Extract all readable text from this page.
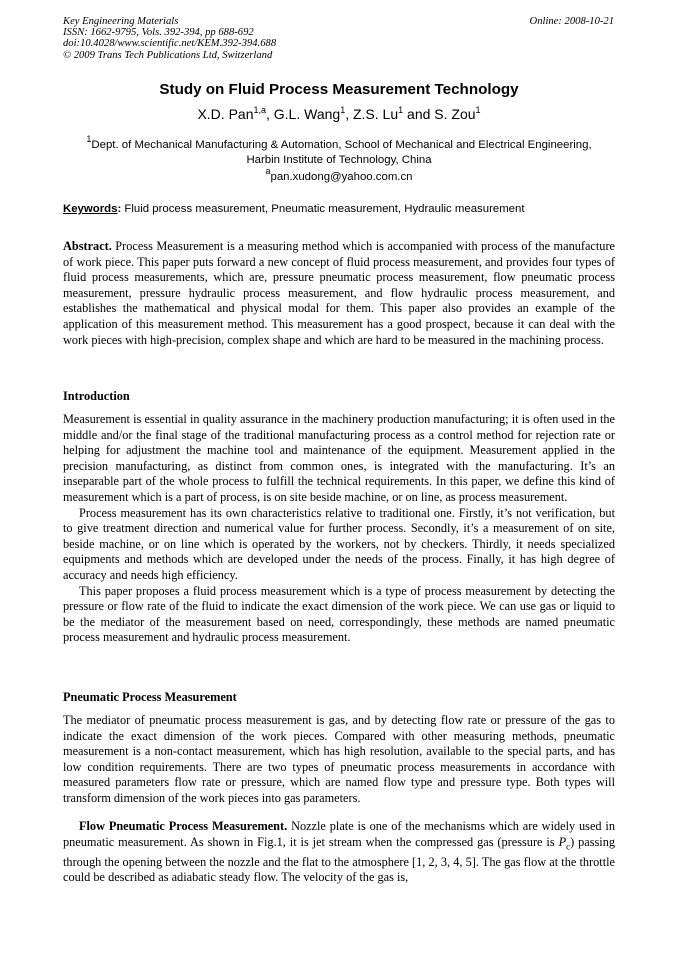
Key Engineering Materials
ISSN: 1662-9795, Vols. 392-394, pp 688-692
doi:10.4028/www.scientific.net/KEM.392-394.688
© 2009 Trans Tech Publications Ltd, Switzerland
Online: 2008-10-21
Study on Fluid Process Measurement Technology
X.D. Pan$^{1,a}$, G.L. Wang$^1$, Z.S. Lu$^1$ and S. Zou$^1$
$^1$Dept. of Mechanical Manufacturing & Automation, School of Mechanical and Electrical Engineering,
Harbin Institute of Technology, China
$^a$pan.xudong@yahoo.com.cn
Keywords: Fluid process measurement, Pneumatic measurement, Hydraulic measurement
Abstract. Process Measurement is a measuring method which is accompanied with process of the manufacture of work piece. This paper puts forward a new concept of fluid process measurement, and provides four types of fluid process measurements, which are, pressure pneumatic process measurement, flow pneumatic process measurement, pressure hydraulic process measurement, and flow hydraulic process measurement, and establishes the mathematical and physical modal for them. This paper also provides an example of the application of this measurement method. This measurement has a good prospect, because it can deal with the work pieces with high-precision, complex shape and which are hard to be measured in the machining process.
Introduction
Measurement is essential in quality assurance in the machinery production manufacturing; it is often used in the middle and/or the final stage of the traditional manufacturing process as a control method for rejection rate or helping for adjustment the machine tool and maintenance of the equipment. Measurement applied in the precision manufacturing, as distinct from common ones, is integrated with the manufacturing. It’s an inseparable part of the whole process to fulfill the technical requirements. In this paper, we define this kind of measurement which is a part of process, is on site beside machine, or on line, as process measurement.
Process measurement has its own characteristics relative to traditional one. Firstly, it’s not verification, but to give treatment direction and numerical value for further process. Secondly, it’s a measurement of on site, beside machine, or on line which is operated by the workers, not by checkers. Thirdly, it needs specialized equipments and methods which are developed under the needs of the process. Finally, it has high degree of accuracy and needs high efficiency.
This paper proposes a fluid process measurement which is a type of process measurement by detecting the pressure or flow rate of the fluid to indicate the exact dimension of the work piece. We can use gas or liquid to be the mediator of the measurement based on need, correspondingly, these methods are named pneumatic process measurement and hydraulic process measurement.
Pneumatic Process Measurement
The mediator of pneumatic process measurement is gas, and by detecting flow rate or pressure of the gas to indicate the exact dimension of the work pieces. Compared with other measuring methods, pneumatic measurement is a non-contact measurement, which has high resolution, available to the special parts, and has low condition requirements. There are two types of pneumatic process measurements in accordance with measured parameters flow rate or pressure, which are named flow type and pressure type. Both types will transform dimension of the work pieces into gas parameters.
Flow Pneumatic Process Measurement. Nozzle plate is one of the mechanisms which are widely used in pneumatic measurement. As shown in Fig.1, it is jet stream when the compressed gas (pressure is $P_c$) passing through the opening between the nozzle and the flat to the atmosphere [1, 2, 3, 4, 5]. The gas flow at the throttle could be described as adiabatic steady flow. The velocity of the gas is,
